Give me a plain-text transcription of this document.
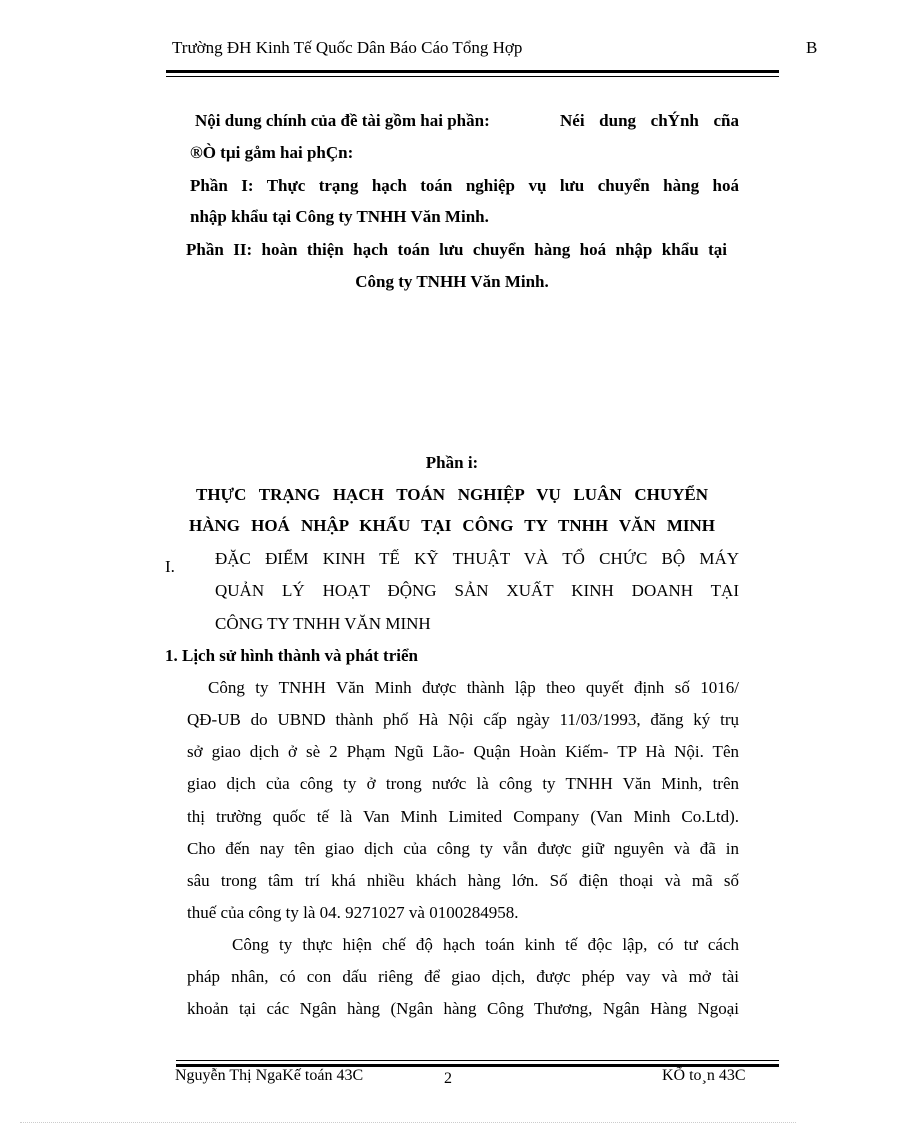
Trường ĐH Kinh Tế Quốc Dân Báo Cáo Tổng Hợp	B
Nội dung chính của đề tài gồm hai phần:	Néi dung chÝnh cña
®Ò tµi gåm hai phÇn:
Phần I: Thực trạng hạch toán nghiệp vụ lưu chuyển hàng hoá
nhập khẩu tại Công ty TNHH Văn Minh.
Phần II: hoàn thiện hạch toán lưu chuyển hàng hoá nhập khẩu tại
Công ty TNHH Văn Minh.
Phần i:
THỰC TRẠNG HẠCH TOÁN NGHIỆP VỤ LUÂN CHUYỂN
HÀNG HOÁ NHẬP KHẨU TẠI CÔNG TY TNHH VĂN MINH
I. ĐẶC ĐIỂM KINH TẾ KỸ THUẬT VÀ TỔ CHỨC BỘ MÁY
QUẢN LÝ HOẠT ĐỘNG SẢN XUẤT KINH DOANH TẠI
CÔNG TY TNHH VĂN MINH
1. Lịch sử hình thành và phát triển
Công ty TNHH Văn Minh được thành lập theo quyết định số 1016/
QĐ-UB do UBND thành phố Hà Nội cấp ngày 11/03/1993, đăng ký trụ
sở giao dịch ở sè 2 Phạm Ngũ Lão- Quận Hoàn Kiếm- TP Hà Nội. Tên
giao dịch của công ty ở trong nước là công ty TNHH Văn Minh, trên
thị trường quốc tế là Van Minh Limited Company (Van Minh Co.Ltd).
Cho đến nay tên giao dịch của công ty vẫn được giữ nguyên và đã in
sâu trong tâm trí khá nhiều khách hàng lớn. Số điện thoại và mã số
thuế của công ty là 04. 9271027 và 0100284958.
Công ty thực hiện chế độ hạch toán kinh tế độc lập, có tư cách
pháp nhân, có con dấu riêng để giao dịch, được phép vay và mở tài
khoản tại các Ngân hàng (Ngân hàng Công Thương, Ngân Hàng Ngoại
Nguyễn Thị NgaKế toán 43C	2	KÕ to¸n 43C
